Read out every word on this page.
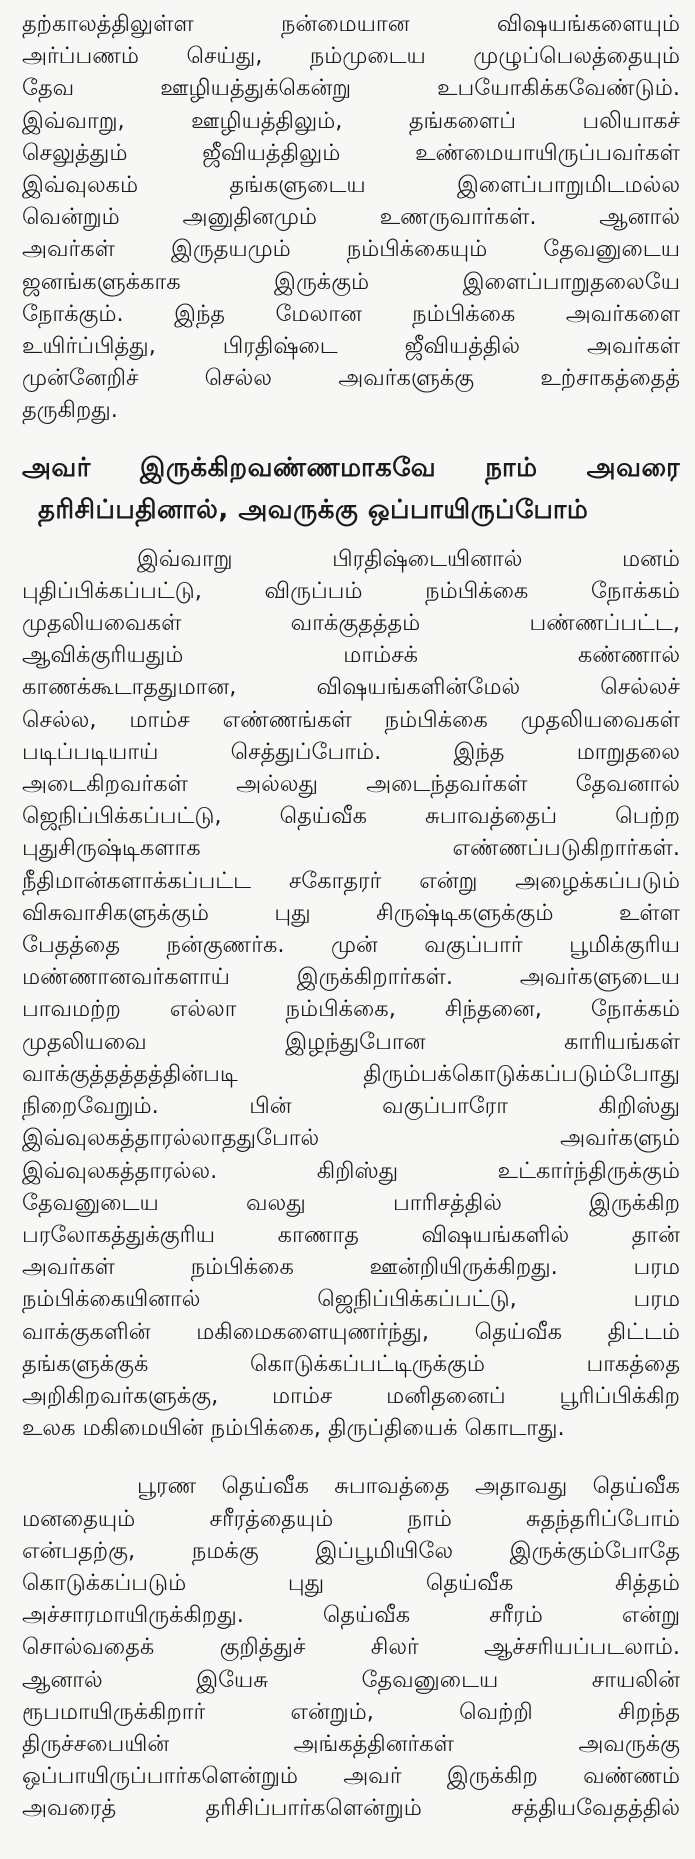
தற்காலத்திலுள்ள நன்மையான விஷயங்களையும்
அர்ப்பணம் செய்து, நம்முடைய முழுப்பெலத்தையும்
தேவ ஊழியத்துக்கென்று உபயோகிக்கவேண்டும்.
இவ்வாறு, ஊழியத்திலும், தங்களைப் பலியாகச்
செலுத்தும் ஜீவியத்திலும் உண்மையாயிருப்பவர்கள்
இவ்வுலகம் தங்களுடைய இளைப்பாறுமிடமல்ல
வென்றும் அனுதினமும் உணருவார்கள். ஆனால்
அவர்கள் இருதயமும் நம்பிக்கையும் தேவனுடைய
ஜனங்களுக்காக இருக்கும் இளைப்பாறுதலையே
நோக்கும். இந்த மேலான நம்பிக்கை அவர்களை
உயிர்ப்பித்து, பிரதிஷ்டை ஜீவியத்தில் அவர்கள்
முன்னேறிச் செல்ல அவர்களுக்கு உற்சாகத்தைத்
தருகிறது.
அவர் இருக்கிறவண்ணமாகவே நாம் அவரை
தரிசிப்பதினால், அவருக்கு ஒப்பாயிருப்போம்
இவ்வாறு பிரதிஷ்டையினால் மனம்
புதிப்பிக்கப்பட்டு, விருப்பம் நம்பிக்கை நோக்கம்
முதலியவைகள் வாக்குதத்தம் பண்ணப்பட்ட,
ஆவிக்குரியதும் மாம்சக் கண்ணால்
காணக்கூடாததுமான, விஷயங்களின்மேல் செல்லச்
செல்ல, மாம்ச எண்ணங்கள் நம்பிக்கை முதலியவைகள்
படிப்படியாய் செத்துப்போம். இந்த மாறுதலை
அடைகிறவர்கள் அல்லது அடைந்தவர்கள் தேவனால்
ஜெநிப்பிக்கப்பட்டு, தெய்வீக சுபாவத்தைப் பெற்ற
புதுசிருஷ்டிகளாக எண்ணப்படுகிறார்கள்.
நீதிமான்களாக்கப்பட்ட சகோதரர் என்று அழைக்கப்படும்
விசுவாசிகளுக்கும் புது சிருஷ்டிகளுக்கும் உள்ள
பேதத்தை நன்குணர்க. முன் வகுப்பார் பூமிக்குரிய
மண்ணானவர்களாய் இருக்கிறார்கள். அவர்களுடைய
பாவமற்ற எல்லா நம்பிக்கை, சிந்தனை, நோக்கம்
முதலியவை இழந்துபோன காரியங்கள்
வாக்குத்தத்தத்தின்படி திரும்பக்கொடுக்கப்படும்போது
நிறைவேறும். பின் வகுப்பாரோ கிறிஸ்து
இவ்வுலகத்தாரல்லாததுபோல் அவர்களும்
இவ்வுலகத்தாரல்ல. கிறிஸ்து உட்கார்ந்திருக்கும்
தேவனுடைய வலது பாரிசத்தில் இருக்கிற
பரலோகத்துக்குரிய காணாத விஷயங்களில் தான்
அவர்கள் நம்பிக்கை ஊன்றியிருக்கிறது. பரம
நம்பிக்கையினால் ஜெநிப்பிக்கப்பட்டு, பரம
வாக்குகளின் மகிமைகளையுணர்ந்து, தெய்வீக திட்டம்
தங்களுக்குக் கொடுக்கப்பட்டிருக்கும் பாகத்தை
அறிகிறவர்களுக்கு, மாம்ச மனிதனைப் பூரிப்பிக்கிற
உலக மகிமையின் நம்பிக்கை, திருப்தியைக் கொடாது.
பூரண தெய்வீக சுபாவத்தை அதாவது தெய்வீக
மனதையும் சரீரத்தையும் நாம் சுதந்தரிப்போம்
என்பதற்கு, நமக்கு இப்பூமியிலே இருக்கும்போதே
கொடுக்கப்படும் புது தெய்வீக சித்தம்
அச்சாரமாயிருக்கிறது. தெய்வீக சரீரம் என்று
சொல்வதைக் குறித்துச் சிலர் ஆச்சரியப்படலாம்.
ஆனால் இயேசு தேவனுடைய சாயலின்
ரூபமாயிருக்கிறார் என்றும், வெற்றி சிறந்த
திருச்சபையின் அங்கத்தினர்கள் அவருக்கு
ஒப்பாயிருப்பார்களென்றும் அவர் இருக்கிற வண்ணம்
அவரைத் தரிசிப்பார்களென்றும் சத்தியவேதத்தில்
